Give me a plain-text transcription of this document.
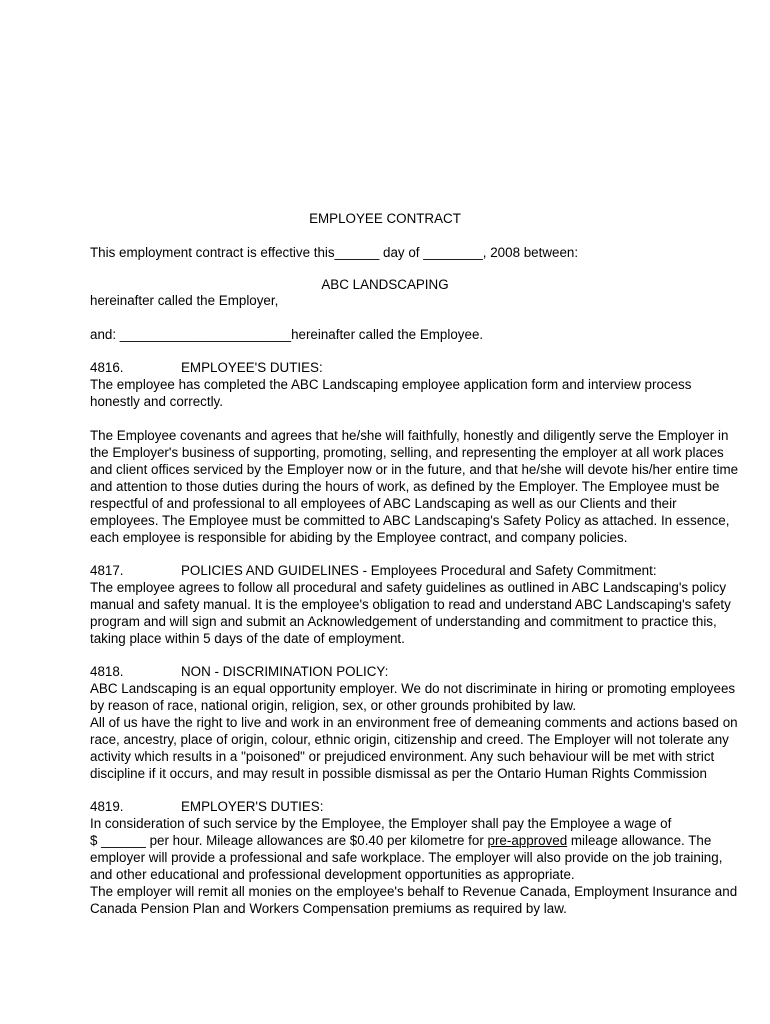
EMPLOYEE CONTRACT
This employment contract is effective this______ day of ________, 2008 between:
ABC LANDSCAPING
hereinafter called the Employer,
and: _______________________hereinafter called the Employee.
4816.	EMPLOYEE'S DUTIES:
The employee has completed the ABC Landscaping employee application form and interview process
honestly and correctly.
The Employee covenants and agrees that he/she will faithfully, honestly and diligently serve the Employer in
the Employer's business of supporting, promoting, selling, and representing the employer at all work places
and client offices serviced by the Employer now or in the future, and that he/she will devote his/her entire time
and attention to those duties during the hours of work, as defined by the Employer. The Employee must be
respectful of and professional to all employees of ABC Landscaping as well as our Clients and their
employees. The Employee must be committed to ABC Landscaping's Safety Policy as attached. In essence,
each employee is responsible for abiding by the Employee contract, and company policies.
4817.	POLICIES AND GUIDELINES - Employees Procedural and Safety Commitment:
The employee agrees to follow all procedural and safety guidelines as outlined in ABC Landscaping's policy
manual and safety manual. It is the employee's obligation to read and understand ABC Landscaping's safety
program and will sign and submit an Acknowledgement of understanding and commitment to practice this,
taking place within 5 days of the date of employment.
4818.	NON - DISCRIMINATION POLICY:
ABC Landscaping is an equal opportunity employer. We do not discriminate in hiring or promoting employees
by reason of race, national origin, religion, sex, or other grounds prohibited by law.
All of us have the right to live and work in an environment free of demeaning comments and actions based on
race, ancestry, place of origin, colour, ethnic origin, citizenship and creed. The Employer will not tolerate any
activity which results in a "poisoned" or prejudiced environment. Any such behaviour will be met with strict
discipline if it occurs, and may result in possible dismissal as per the Ontario Human Rights Commission
4819.	EMPLOYER'S DUTIES:
In consideration of such service by the Employee, the Employer shall pay the Employee a wage of
$ ______ per hour. Mileage allowances are $0.40 per kilometre for pre-approved mileage allowance. The
employer will provide a professional and safe workplace. The employer will also provide on the job training,
and other educational and professional development opportunities as appropriate.
The employer will remit all monies on the employee's behalf to Revenue Canada, Employment Insurance and
Canada Pension Plan and Workers Compensation premiums as required by law.
